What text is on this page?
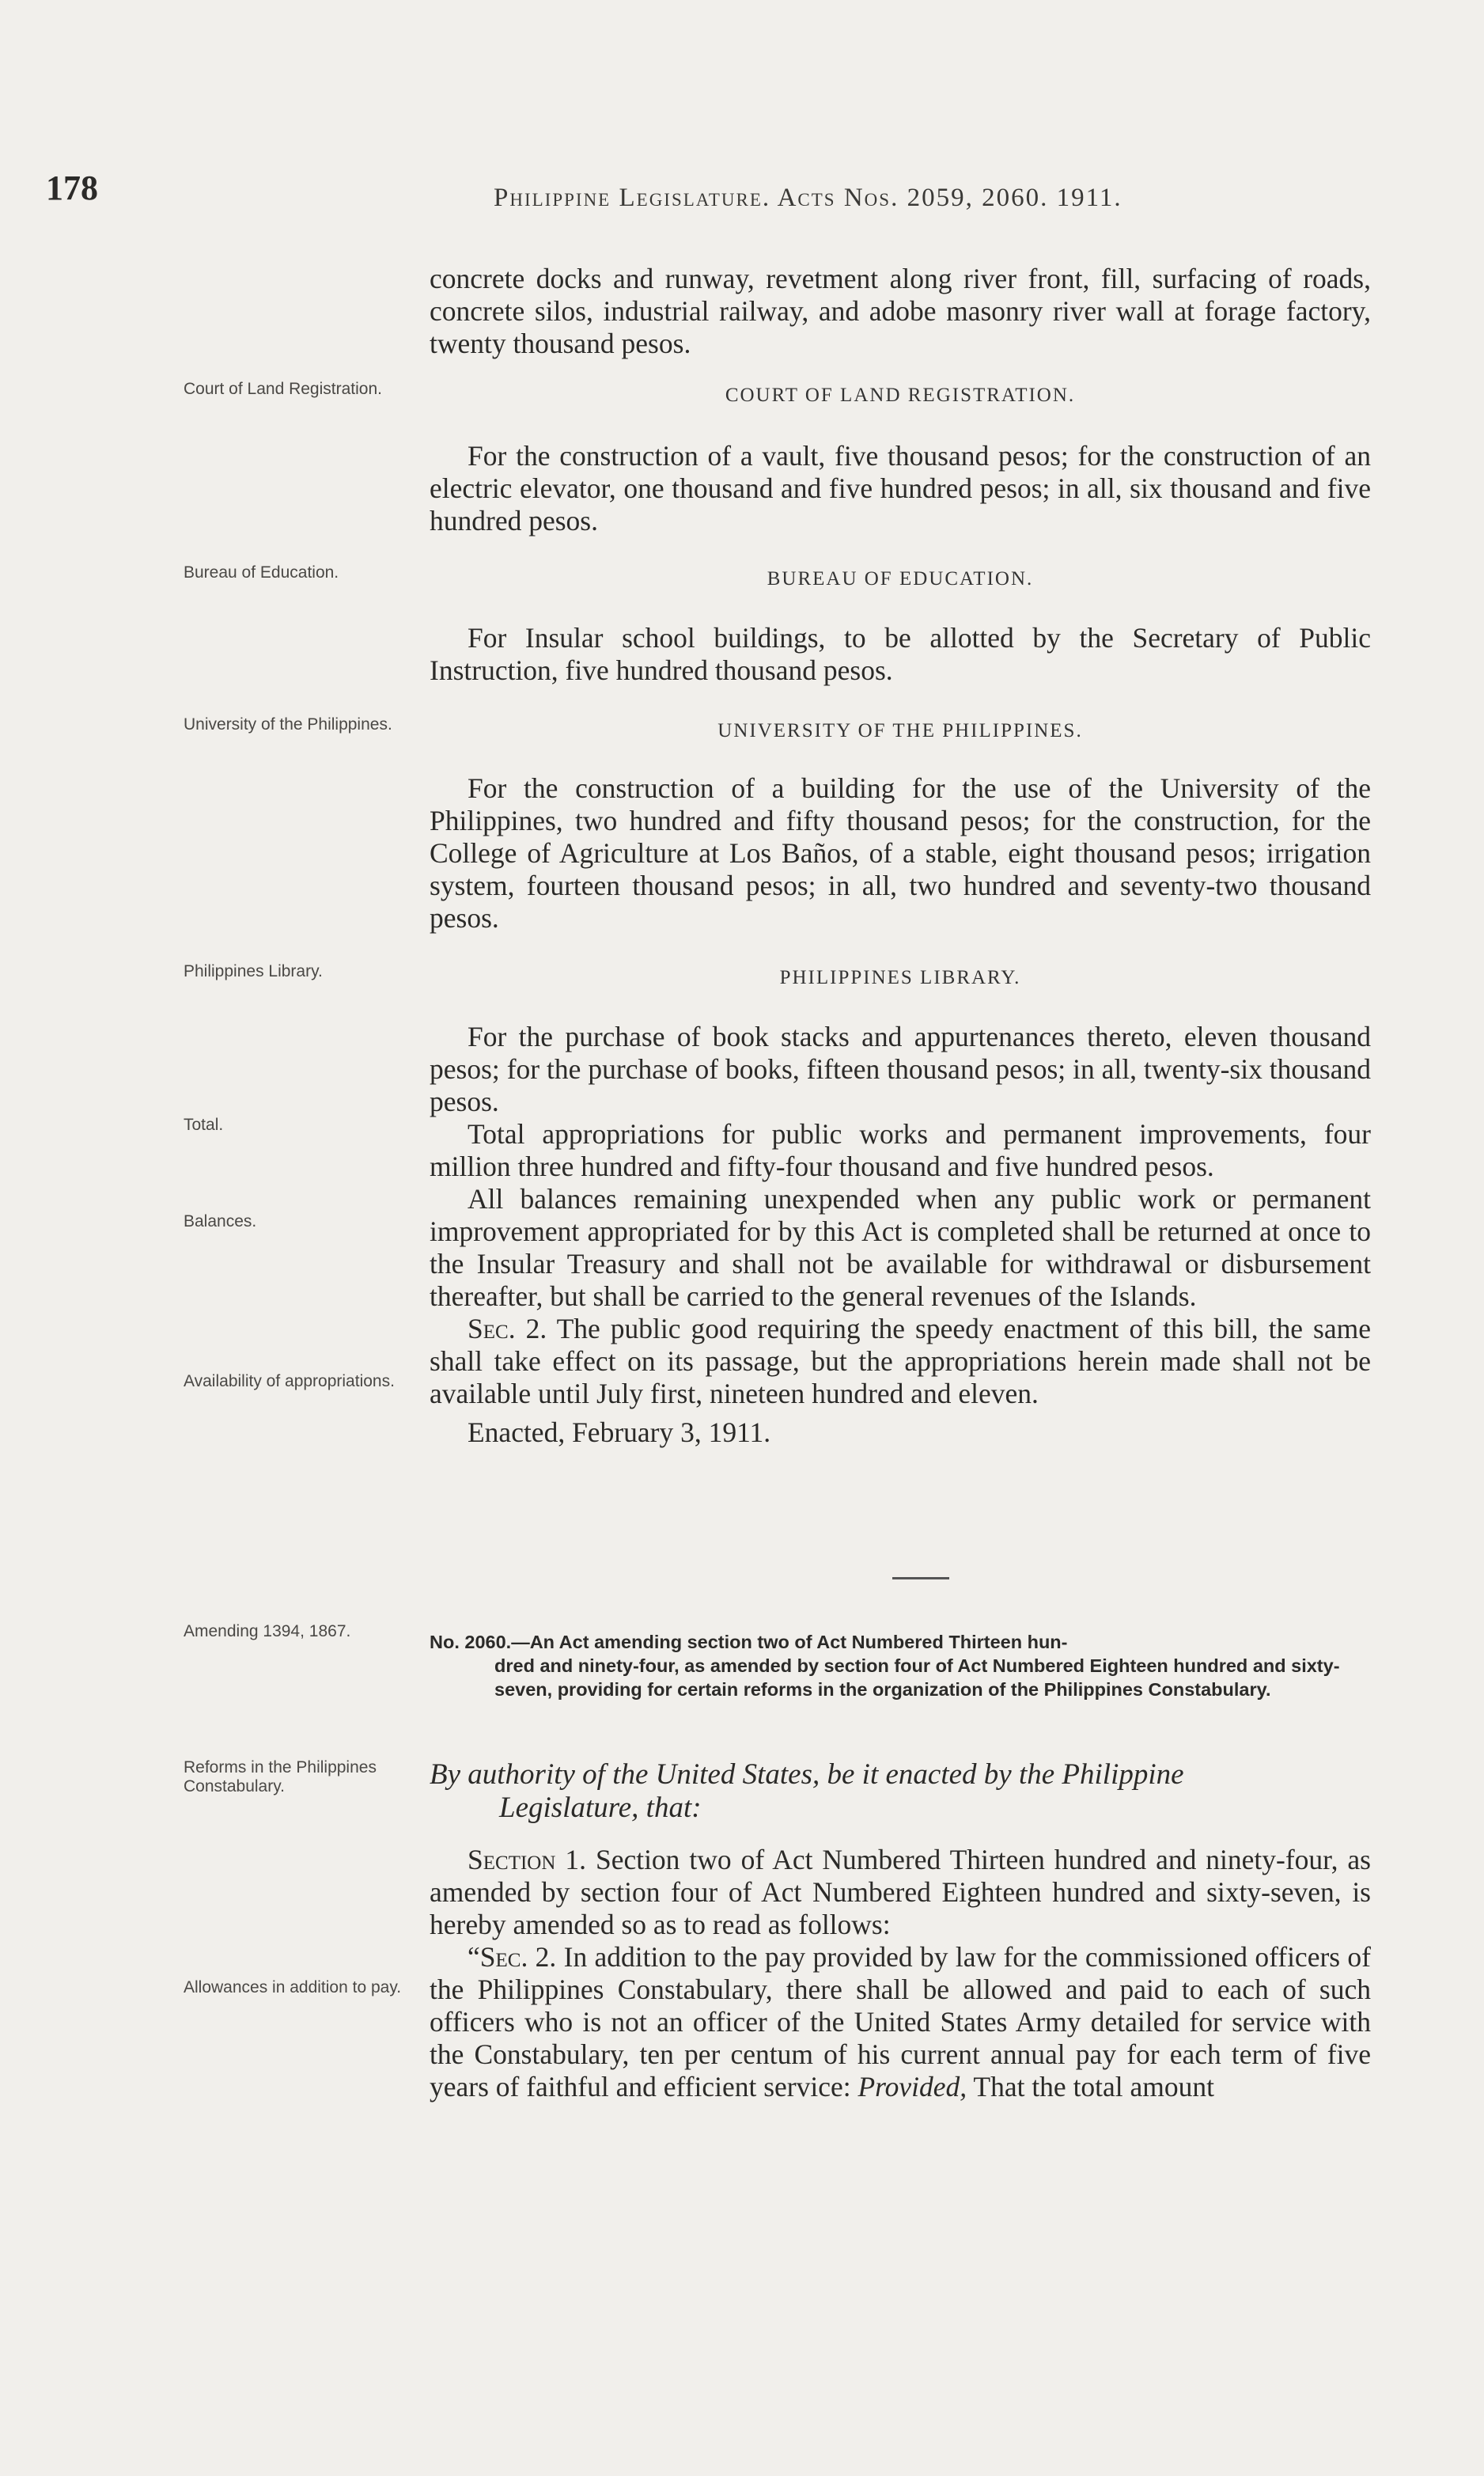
178	Philippine Legislature. Acts Nos. 2059, 2060. 1911.

concrete docks and runway, revetment along river front, fill, surfacing of roads, concrete silos, industrial railway, and adobe masonry river wall at forage factory, twenty thousand pesos.

Court of Land Registration.	COURT OF LAND REGISTRATION.

For the construction of a vault, five thousand pesos; for the construction of an electric elevator, one thousand and five hundred pesos; in all, six thousand and five hundred pesos.

Bureau of Education.	BUREAU OF EDUCATION.

For Insular school buildings, to be allotted by the Secretary of Public Instruction, five hundred thousand pesos.

University of the Philippines.	UNIVERSITY OF THE PHILIPPINES.

For the construction of a building for the use of the University of the Philippines, two hundred and fifty thousand pesos; for the construction, for the College of Agriculture at Los Baños, of a stable, eight thousand pesos; irrigation system, fourteen thousand pesos; in all, two hundred and seventy-two thousand pesos.

Philippines Library.	PHILIPPINES LIBRARY.

For the purchase of book stacks and appurtenances thereto, eleven thousand pesos; for the purchase of books, fifteen thousand pesos; in all, twenty-six thousand pesos.

Total appropriations for public works and permanent improvements, four million three hundred and fifty-four thousand and five hundred pesos.

All balances remaining unexpended when any public work or permanent improvement appropriated for by this Act is completed shall be returned at once to the Insular Treasury and shall not be available for withdrawal or disbursement thereafter, but shall be carried to the general revenues of the Islands.

Sec. 2. The public good requiring the speedy enactment of this bill, the same shall take effect on its passage, but the appropriations herein made shall not be available until July first, nineteen hundred and eleven.

Enacted, February 3, 1911.

Total.
Balances.
Availability of appropriations.
Amending 1394, 1867.
No. 2060.—An Act amending section two of Act Numbered Thirteen hun-
dred and ninety-four, as amended by section four of Act Numbered Eighteen hundred and sixty-seven, providing for certain reforms in the organization of the Philippines Constabulary.
Reforms in the Philippines Constabulary.	By authority of the United States, be it enacted by the Philippine
Legislature, that:

Section 1. Section two of Act Numbered Thirteen hundred and ninety-four, as amended by section four of Act Numbered Eighteen hundred and sixty-seven, is hereby amended so as to read as follows:

“Sec. 2. In addition to the pay provided by law for the commissioned officers of the Philippines Constabulary, there shall be allowed and paid to each of such officers who is not an officer of the United States Army detailed for service with the Constabulary, ten per centum of his current annual pay for each term of five years of faithful and efficient service: Provided, That the total amount

Allowances in addition to pay.
